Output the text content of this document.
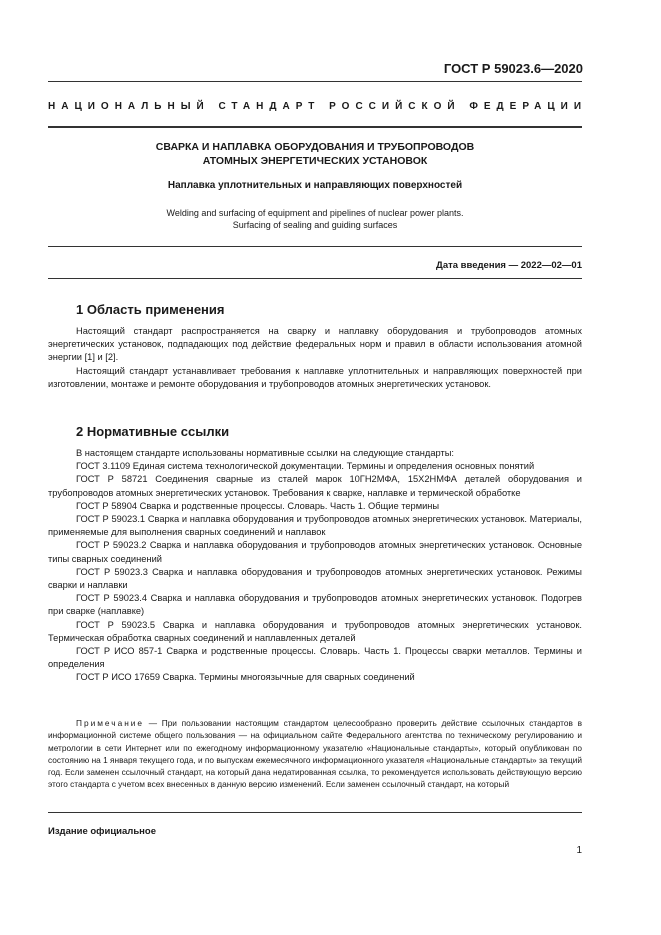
ГОСТ Р 59023.6—2020
НАЦИОНАЛЬНЫЙ СТАНДАРТ РОССИЙСКОЙ ФЕДЕРАЦИИ
СВАРКА И НАПЛАВКА ОБОРУДОВАНИЯ И ТРУБОПРОВОДОВ
АТОМНЫХ ЭНЕРГЕТИЧЕСКИХ УСТАНОВОК
Наплавка уплотнительных и направляющих поверхностей
Welding and surfacing of equipment and pipelines of nuclear power plants.
Surfacing of sealing and guiding surfaces
Дата введения — 2022—02—01
1 Область применения

Настоящий стандарт распространяется на сварку и наплавку оборудования и трубопроводов атомных энергетических установок, подпадающих под действие федеральных норм и правил в области использования атомной энергии [1] и [2].

Настоящий стандарт устанавливает требования к наплавке уплотнительных и направляющих поверхностей при изготовлении, монтаже и ремонте оборудования и трубопроводов атомных энергетических установок.

2 Нормативные ссылки

В настоящем стандарте использованы нормативные ссылки на следующие стандарты:

ГОСТ 3.1109 Единая система технологической документации. Термины и определения основных понятий

ГОСТ Р 58721 Соединения сварные из сталей марок 10ГН2МФА, 15Х2НМФА деталей оборудования и трубопроводов атомных энергетических установок. Требования к сварке, наплавке и термической обработке

ГОСТ Р 58904 Сварка и родственные процессы. Словарь. Часть 1. Общие термины

ГОСТ Р 59023.1 Сварка и наплавка оборудования и трубопроводов атомных энергетических установок. Материалы, применяемые для выполнения сварных соединений и наплавок

ГОСТ Р 59023.2 Сварка и наплавка оборудования и трубопроводов атомных энергетических установок. Основные типы сварных соединений

ГОСТ Р 59023.3 Сварка и наплавка оборудования и трубопроводов атомных энергетических установок. Режимы сварки и наплавки

ГОСТ Р 59023.4 Сварка и наплавка оборудования и трубопроводов атомных энергетических установок. Подогрев при сварке (наплавке)

ГОСТ Р 59023.5 Сварка и наплавка оборудования и трубопроводов атомных энергетических установок. Термическая обработка сварных соединений и наплавленных деталей

ГОСТ Р ИСО 857-1 Сварка и родственные процессы. Словарь. Часть 1. Процессы сварки металлов. Термины и определения

ГОСТ Р ИСО 17659 Сварка. Термины многоязычные для сварных соединений

Примечание — При пользовании настоящим стандартом целесообразно проверить действие ссылочных стандартов в информационной системе общего пользования — на официальном сайте Федерального агентства по техническому регулированию и метрологии в сети Интернет или по ежегодному информационному указателю «Национальные стандарты», который опубликован по состоянию на 1 января текущего года, и по выпускам ежемесячного информационного указателя «Национальные стандарты» за текущий год. Если заменен ссылочный стандарт, на который дана недатированная ссылка, то рекомендуется использовать действующую версию этого стандарта с учетом всех внесенных в данную версию изменений. Если заменен ссылочный стандарт, на который
Издание официальное
1
